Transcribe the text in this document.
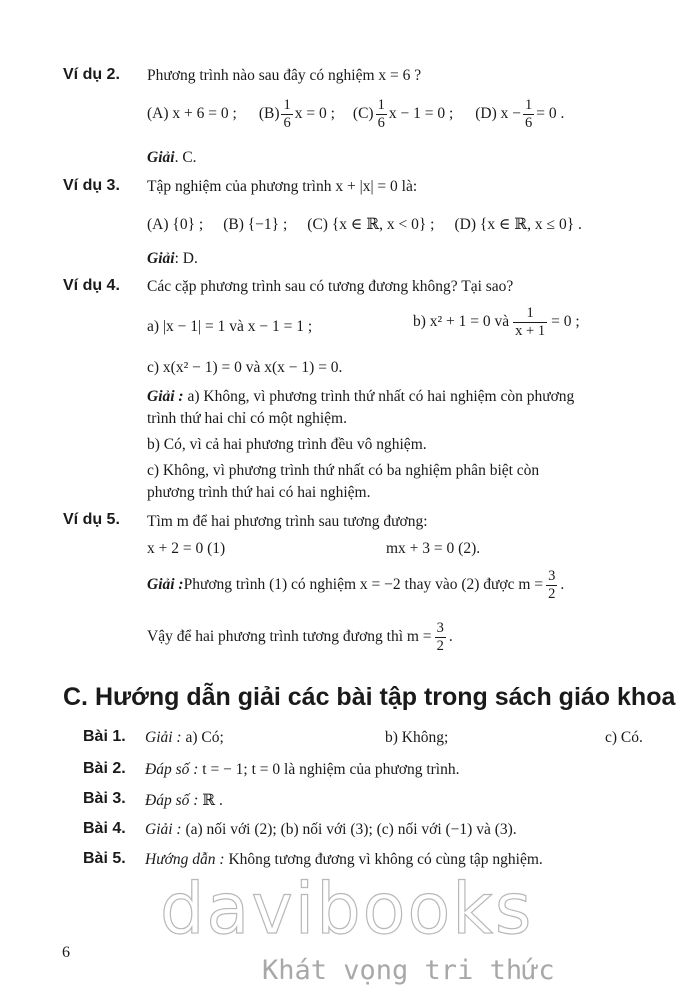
Ví dụ 2. Phương trình nào sau đây có nghiệm x = 6 ?
(A) x + 6 = 0 ; $(B) \frac{1}{6}$ x = 0 ; $(C) \frac{1}{6}$ x − 1 = 0 ; (D) $x - \frac{1}{6} = 0$ .
Giải. C.
Ví dụ 3. Tập nghiệm của phương trình x + |x| = 0 là:
(A) {0} ; (B) {−1} ; (C) {x ∈ ℝ, x < 0} ; (D) {x ∈ ℝ, x ≤ 0} .
Giải: D.
Ví dụ 4. Các cặp phương trình sau có tương đương không? Tại sao?
a) |x − 1| = 1 và x − 1 = 1 ;	b) x² + 1 = 0 và $\frac{1}{x + 1} = 0$ ;
c) x(x² − 1) = 0 và x(x − 1) = 0.
Giải : a) Không, vì phương trình thứ nhất có hai nghiệm còn phương
trình thứ hai chỉ có một nghiệm.
b) Có, vì cả hai phương trình đều vô nghiệm.
c) Không, vì phương trình thứ nhất có ba nghiệm phân biệt còn
phương trình thứ hai có hai nghiệm.
Ví dụ 5. Tìm m để hai phương trình sau tương đương:
x + 2 = 0 (1)	mx + 3 = 0 (2).
Giải : Phương trình (1) có nghiệm x = −2 thay vào (2) được $m = \frac{3}{2}$ .
Vậy để hai phương trình tương đương thì $m = \frac{3}{2}$ .
C. Hướng dẫn giải các bài tập trong sách giáo khoa
Bài 1. Giải : a) Có;	b) Không;	c) Có.
Bài 2. Đáp số : t = − 1; t = 0 là nghiệm của phương trình.
Bài 3. Đáp số : ℝ .
Bài 4. Giải : (a) nối với (2); (b) nối với (3); (c) nối với (−1) và (3).
Bài 5. Hướng dẫn : Không tương đương vì không có cùng tập nghiệm.
davibooks
Khát vọng tri thức
6
